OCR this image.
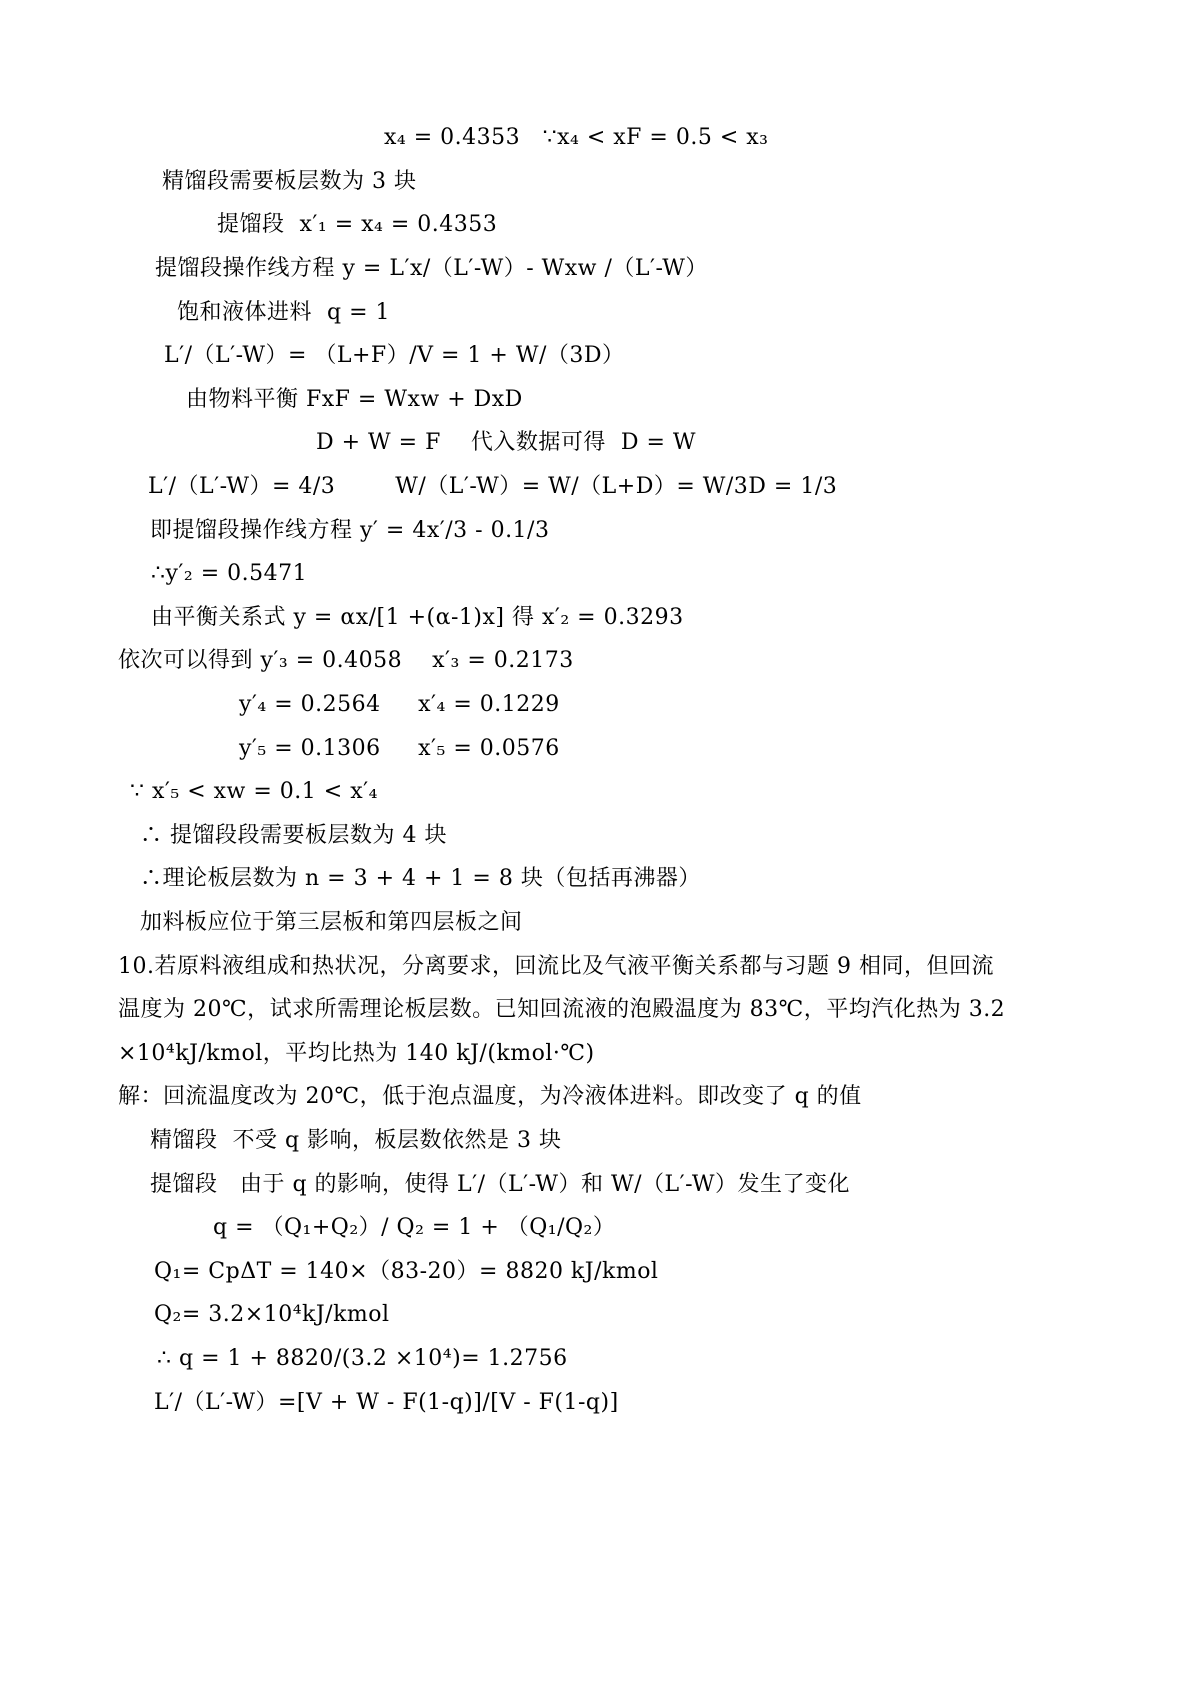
x₄ = 0.4353   ∵x₄ < xF = 0.5 < x₃
精馏段需要板层数为 3 块
提馏段  x′₁ = x₄ = 0.4353
提馏段操作线方程 y = L′x/（L′-W）- Wxw /（L′-W）
饱和液体进料  q = 1
L′/（L′-W）= （L+F）/V = 1 + W/（3D）
由物料平衡 FxF = Wxw + DxD
D + W = F    代入数据可得  D = W
L′/（L′-W）= 4/3        W/（L′-W）= W/（L+D）= W/3D = 1/3
即提馏段操作线方程 y′ = 4x′/3 - 0.1/3
∴y′₂ = 0.5471
由平衡关系式 y = αx/[1 +(α-1)x] 得 x′₂ = 0.3293
依次可以得到 y′₃ = 0.4058    x′₃ = 0.2173
y′₄ = 0.2564     x′₄ = 0.1229
y′₅ = 0.1306     x′₅ = 0.0576
∵ x′₅ < xw = 0.1 < x′₄
∴ 提馏段段需要板层数为 4 块
∴理论板层数为 n = 3 + 4 + 1 = 8 块（包括再沸器）
加料板应位于第三层板和第四层板之间
10.若原料液组成和热状况，分离要求，回流比及气液平衡关系都与习题 9 相同，但回流
温度为 20℃，试求所需理论板层数。已知回流液的泡殿温度为 83℃，平均汽化热为 3.2
×10⁴kJ/kmol，平均比热为 140 kJ/(kmol·℃)
解：回流温度改为 20℃，低于泡点温度，为冷液体进料。即改变了 q 的值
精馏段  不受 q 影响，板层数依然是 3 块
提馏段   由于 q 的影响，使得 L′/（L′-W）和 W/（L′-W）发生了变化
q = （Q₁+Q₂）/ Q₂ = 1 + （Q₁/Q₂）
Q₁= CpΔT = 140×（83-20）= 8820 kJ/kmol
Q₂= 3.2×10⁴kJ/kmol
∴ q = 1 + 8820/(3.2 ×10⁴)= 1.2756
L′/（L′-W）=[V + W - F(1-q)]/[V - F(1-q)]
